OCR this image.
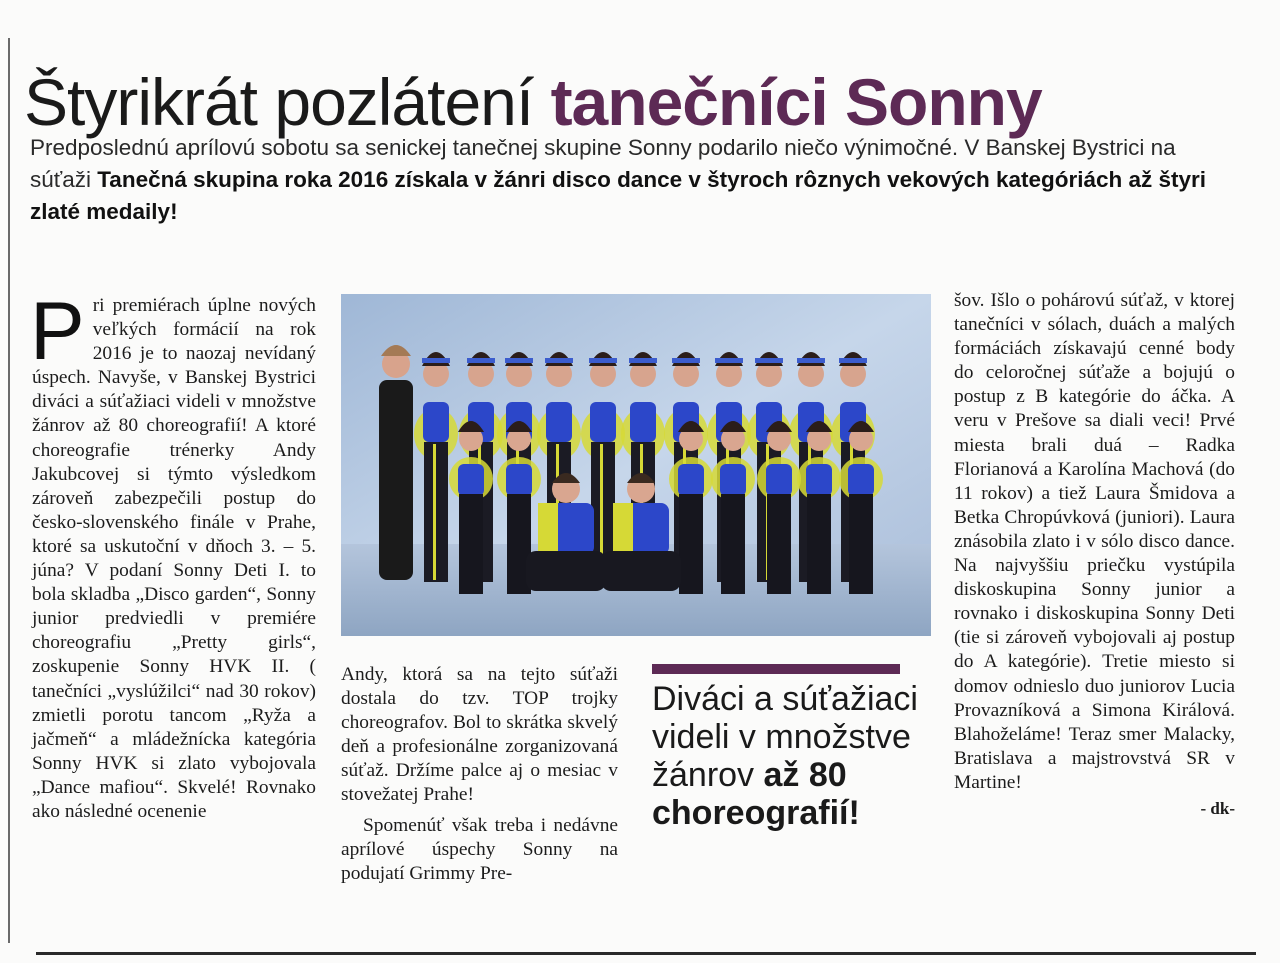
Štyrikrát pozlátení tanečníci Sonny
Predposlednú aprílovú sobotu sa senickej tanečnej skupine Sonny podarilo niečo výnimočné. V Banskej Bystrici na súťaži Tanečná skupina roka 2016 získala v žánri disco dance v štyroch rôznych vekových kategóriách až štyri zlaté medaily!

Pri premiérach úplne nových veľkých formácií na rok 2016 je to naozaj nevídaný úspech. Navyše, v Banskej Bystrici diváci a súťažiaci videli v množstve žánrov až 80 choreografií! A ktoré choreografie trénerky Andy Jakubcovej si týmto výsledkom zároveň zabezpečili postup do česko-slovenského finále v Prahe, ktoré sa uskutoční v dňoch 3. – 5. júna? V podaní Sonny Deti I. to bola skladba „Disco garden“, Sonny junior predviedli v premiére choreografiu „Pretty girls“, zoskupenie Sonny HVK II. ( tanečníci „vyslúžilci“ nad 30 rokov) zmietli porotu tancom „Ryža a jačmeň“ a mládežnícka kategória Sonny HVK si zlato vybojovala „Dance mafiou“. Skvelé! Rovnako ako následné ocenenie

Andy, ktorá sa na tejto súťaži dostala do tzv. TOP trojky choreografov. Bol to skrátka skvelý deň a profesionálne zorganizovaná súťaž. Držíme palce aj o mesiac v stovežatej Prahe!

Spomenúť však treba i nedávne aprílové úspechy Sonny na podujatí Grimmy Pre-

Diváci a súťažiaci videli v množstve žánrov až 80 choreografií!

šov. Išlo o pohárovú súťaž, v ktorej tanečníci v sólach, duách a malých formáciách získavajú cenné body do celoročnej súťaže a bojujú o postup z B kategórie do áčka. A veru v Prešove sa diali veci! Prvé miesta brali duá – Radka Florianová a Karolína Machová (do 11 rokov) a tiež Laura Šmidova a Betka Chropúvková (juniori). Laura znásobila zlato i v sólo disco dance. Na najvyššiu priečku vystúpila diskoskupina Sonny junior a rovnako i diskoskupina Sonny Deti (tie si zároveň vybojovali aj postup do A kategórie). Tretie miesto si domov odnieslo duo juniorov Lucia Provazníková a Simona Királová. Blahoželáme! Teraz smer Malacky, Bratislava a majstrovstvá SR v Martine!

- dk-
